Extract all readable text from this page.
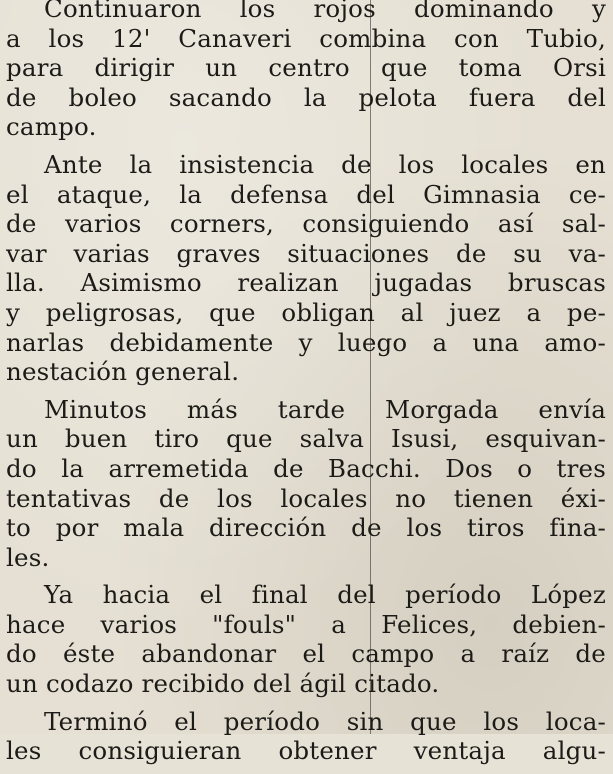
Continuaron los rojos dominando y
a los 12' Canaveri combina con Tubio,
para dirigir un centro que toma Orsi
de boleo sacando la pelota fuera del
campo.
Ante la insistencia de los locales en
el ataque, la defensa del Gimnasia ce-
de varios corners, consiguiendo así sal-
var varias graves situaciones de su va-
lla. Asimismo realizan jugadas bruscas
y peligrosas, que obligan al juez a pe-
narlas debidamente y luego a una amo-
nestación general.
Minutos más tarde Morgada envía
un buen tiro que salva Isusi, esquivan-
do la arremetida de Bacchi. Dos o tres
tentativas de los locales no tienen éxi-
to por mala dirección de los tiros fina-
les.
Ya hacia el final del período López
hace varios "fouls" a Felices, debien-
do éste abandonar el campo a raíz de
un codazo recibido del ágil citado.
Terminó el período sin que los loca-
les consiguieran obtener ventaja algu-
